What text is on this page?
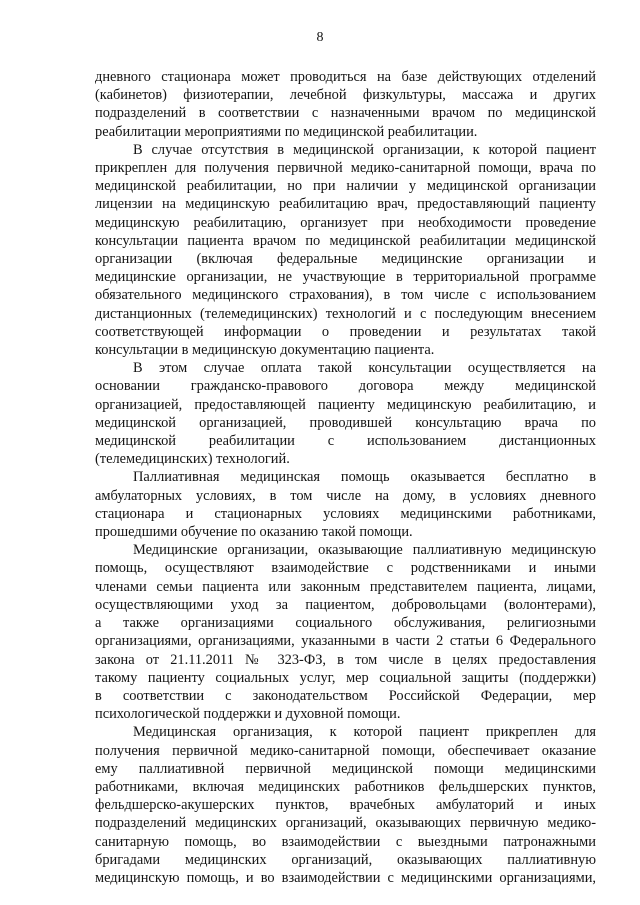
8
дневного стационара может проводиться на базе действующих отделений
(кабинетов) физиотерапии, лечебной физкультуры, массажа и других
подразделений в соответствии с назначенными врачом по медицинской
реабилитации мероприятиями по медицинской реабилитации.
В случае отсутствия в медицинской организации, к которой пациент
прикреплен для получения первичной медико-санитарной помощи, врача по
медицинской реабилитации, но при наличии у медицинской организации
лицензии на медицинскую реабилитацию врач, предоставляющий пациенту
медицинскую реабилитацию, организует при необходимости проведение
консультации пациента врачом по медицинской реабилитации медицинской
организации (включая федеральные медицинские организации и
медицинские организации, не участвующие в территориальной программе
обязательного медицинского страхования), в том числе с использованием
дистанционных (телемедицинских) технологий и с последующим внесением
соответствующей информации о проведении и результатах такой
консультации в медицинскую документацию пациента.
В этом случае оплата такой консультации осуществляется на
основании гражданско-правового договора между медицинской
организацией, предоставляющей пациенту медицинскую реабилитацию, и
медицинской организацией, проводившей консультацию врача по
медицинской реабилитации с использованием дистанционных
(телемедицинских) технологий.
Паллиативная медицинская помощь оказывается бесплатно в
амбулаторных условиях, в том числе на дому, в условиях дневного
стационара и стационарных условиях медицинскими работниками,
прошедшими обучение по оказанию такой помощи.
Медицинские организации, оказывающие паллиативную медицинскую
помощь, осуществляют взаимодействие с родственниками и иными
членами семьи пациента или законным представителем пациента, лицами,
осуществляющими уход за пациентом, добровольцами (волонтерами),
а также организациями социального обслуживания, религиозными
организациями, организациями, указанными в части 2 статьи 6 Федерального
закона от 21.11.2011 № 323-ФЗ, в том числе в целях предоставления
такому пациенту социальных услуг, мер социальной защиты (поддержки)
в соответствии с законодательством Российской Федерации, мер
психологической поддержки и духовной помощи.
Медицинская организация, к которой пациент прикреплен для
получения первичной медико-санитарной помощи, обеспечивает оказание
ему паллиативной первичной медицинской помощи медицинскими
работниками, включая медицинских работников фельдшерских пунктов,
фельдшерско-акушерских пунктов, врачебных амбулаторий и иных
подразделений медицинских организаций, оказывающих первичную медико-
санитарную помощь, во взаимодействии с выездными патронажными
бригадами медицинских организаций, оказывающих паллиативную
медицинскую помощь, и во взаимодействии с медицинскими организациями,
